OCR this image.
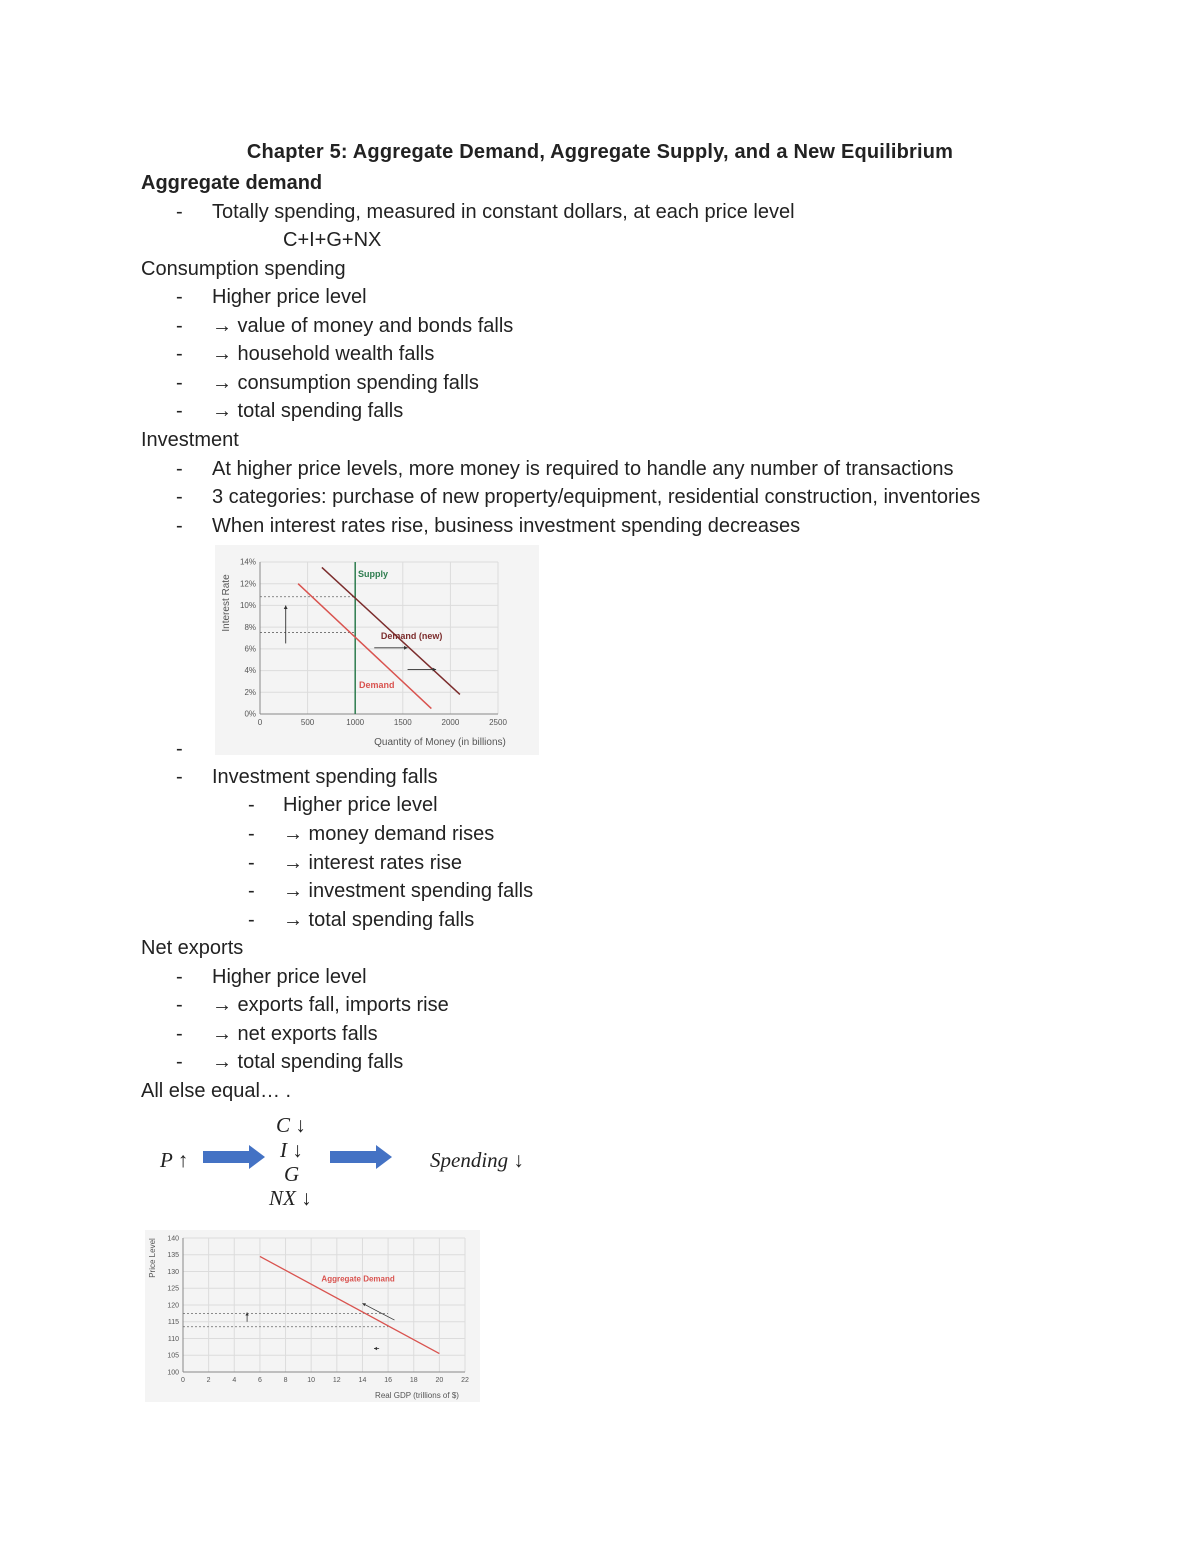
Chapter 5: Aggregate Demand, Aggregate Supply, and a New Equilibrium
Aggregate demand
- Totally spending, measured in constant dollars, at each price level
C+I+G+NX
Consumption spending
- Higher price level
- → value of money and bonds falls
- → household wealth falls
- → consumption spending falls
- → total spending falls
Investment
- At higher price levels, more money is required to handle any number of transactions
- 3 categories: purchase of new property/equipment, residential construction, inventories
- When interest rates rise, business investment spending decreases
0	500	1000	1500	2000	2500
0%
2%
4%
6%
8%
10%
12%
14%
Supply
Demand (new)
Demand
Interest Rate
Quantity of Money (in billions)
-
- Investment spending falls
- Higher price level
- → money demand rises
- → interest rates rise
- → investment spending falls
- → total spending falls
Net exports
- Higher price level
- → exports fall, imports rise
- → net exports falls
- → total spending falls
All else equal… .
P ↑
C ↓
I ↓
G
NX ↓
Spending ↓
0	2	4	6	8	10	12	14	16	18	20	22
100
105
110
115
120
125
130
135
140
Aggregate Demand
Price Level
Real GDP (trillions of $)
